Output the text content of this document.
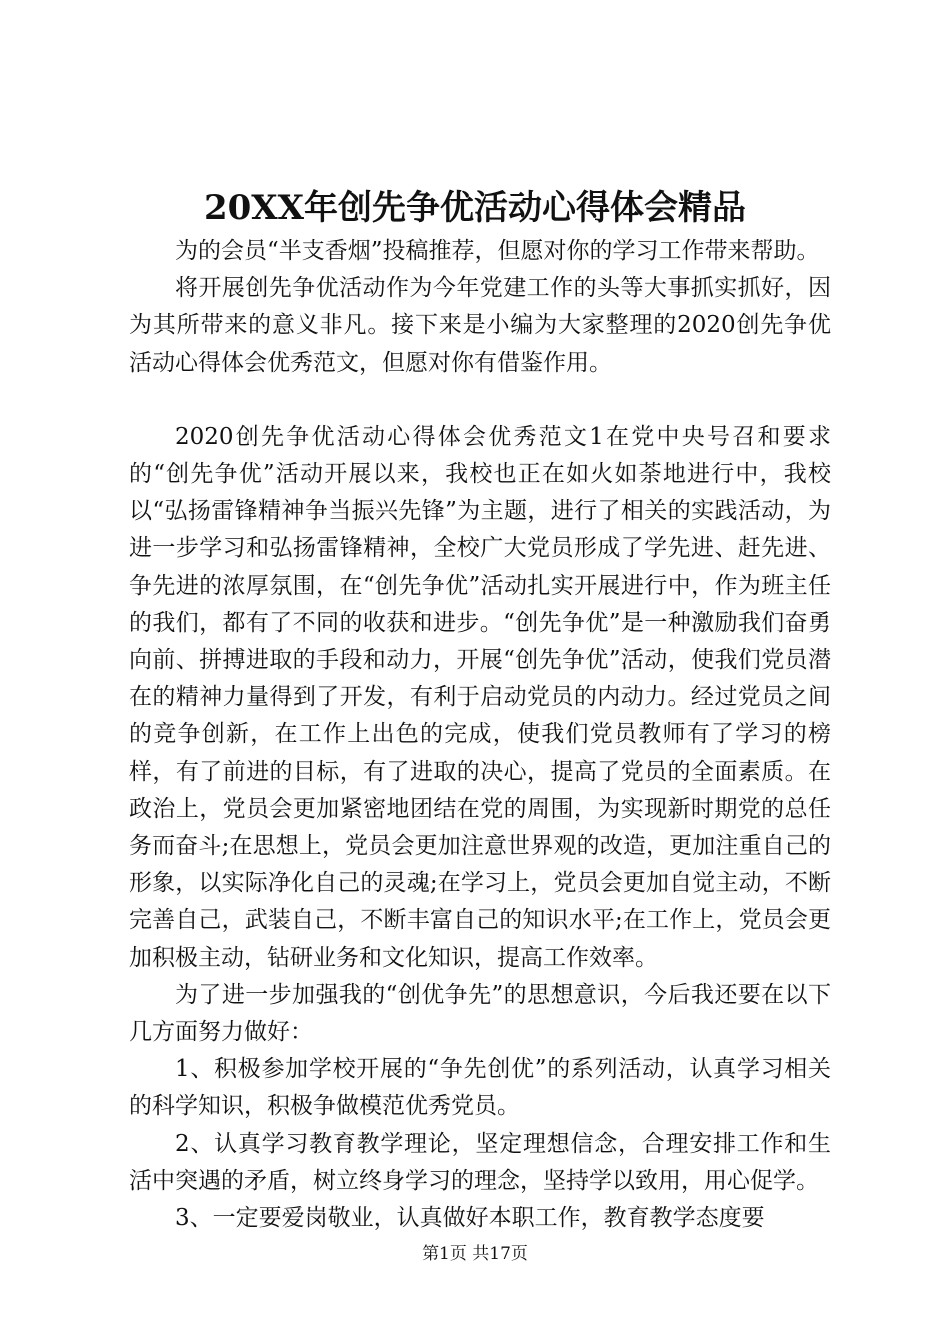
20XX年创先争优活动心得体会精品

为的会员“半支香烟”投稿推荐，但愿对你的学习工作带来帮助。

将开展创先争优活动作为今年党建工作的头等大事抓实抓好，因为其所带来的意义非凡。接下来是小编为大家整理的2020创先争优活动心得体会优秀范文，但愿对你有借鉴作用。

2020创先争优活动心得体会优秀范文1在党中央号召和要求的“创先争优”活动开展以来，我校也正在如火如荼地进行中，我校以“弘扬雷锋精神争当振兴先锋”为主题，进行了相关的实践活动，为进一步学习和弘扬雷锋精神，全校广大党员形成了学先进、赶先进、争先进的浓厚氛围，在“创先争优”活动扎实开展进行中，作为班主任的我们，都有了不同的收获和进步。“创先争优”是一种激励我们奋勇向前、拼搏进取的手段和动力，开展“创先争优”活动，使我们党员潜在的精神力量得到了开发，有利于启动党员的内动力。经过党员之间的竞争创新，在工作上出色的完成，使我们党员教师有了学习的榜样，有了前进的目标，有了进取的决心，提高了党员的全面素质。在政治上，党员会更加紧密地团结在党的周围，为实现新时期党的总任务而奋斗;在思想上，党员会更加注意世界观的改造，更加注重自己的形象，以实际净化自己的灵魂;在学习上，党员会更加自觉主动，不断完善自己，武装自己，不断丰富自己的知识水平;在工作上，党员会更加积极主动，钻研业务和文化知识，提高工作效率。

为了进一步加强我的“创优争先”的思想意识，今后我还要在以下几方面努力做好：

1、积极参加学校开展的“争先创优”的系列活动，认真学习相关的科学知识，积极争做模范优秀党员。

2、认真学习教育教学理论，坚定理想信念，合理安排工作和生活中突遇的矛盾，树立终身学习的理念，坚持学以致用，用心促学。

3、一定要爱岗敬业，认真做好本职工作，教育教学态度要

第1页 共17页
